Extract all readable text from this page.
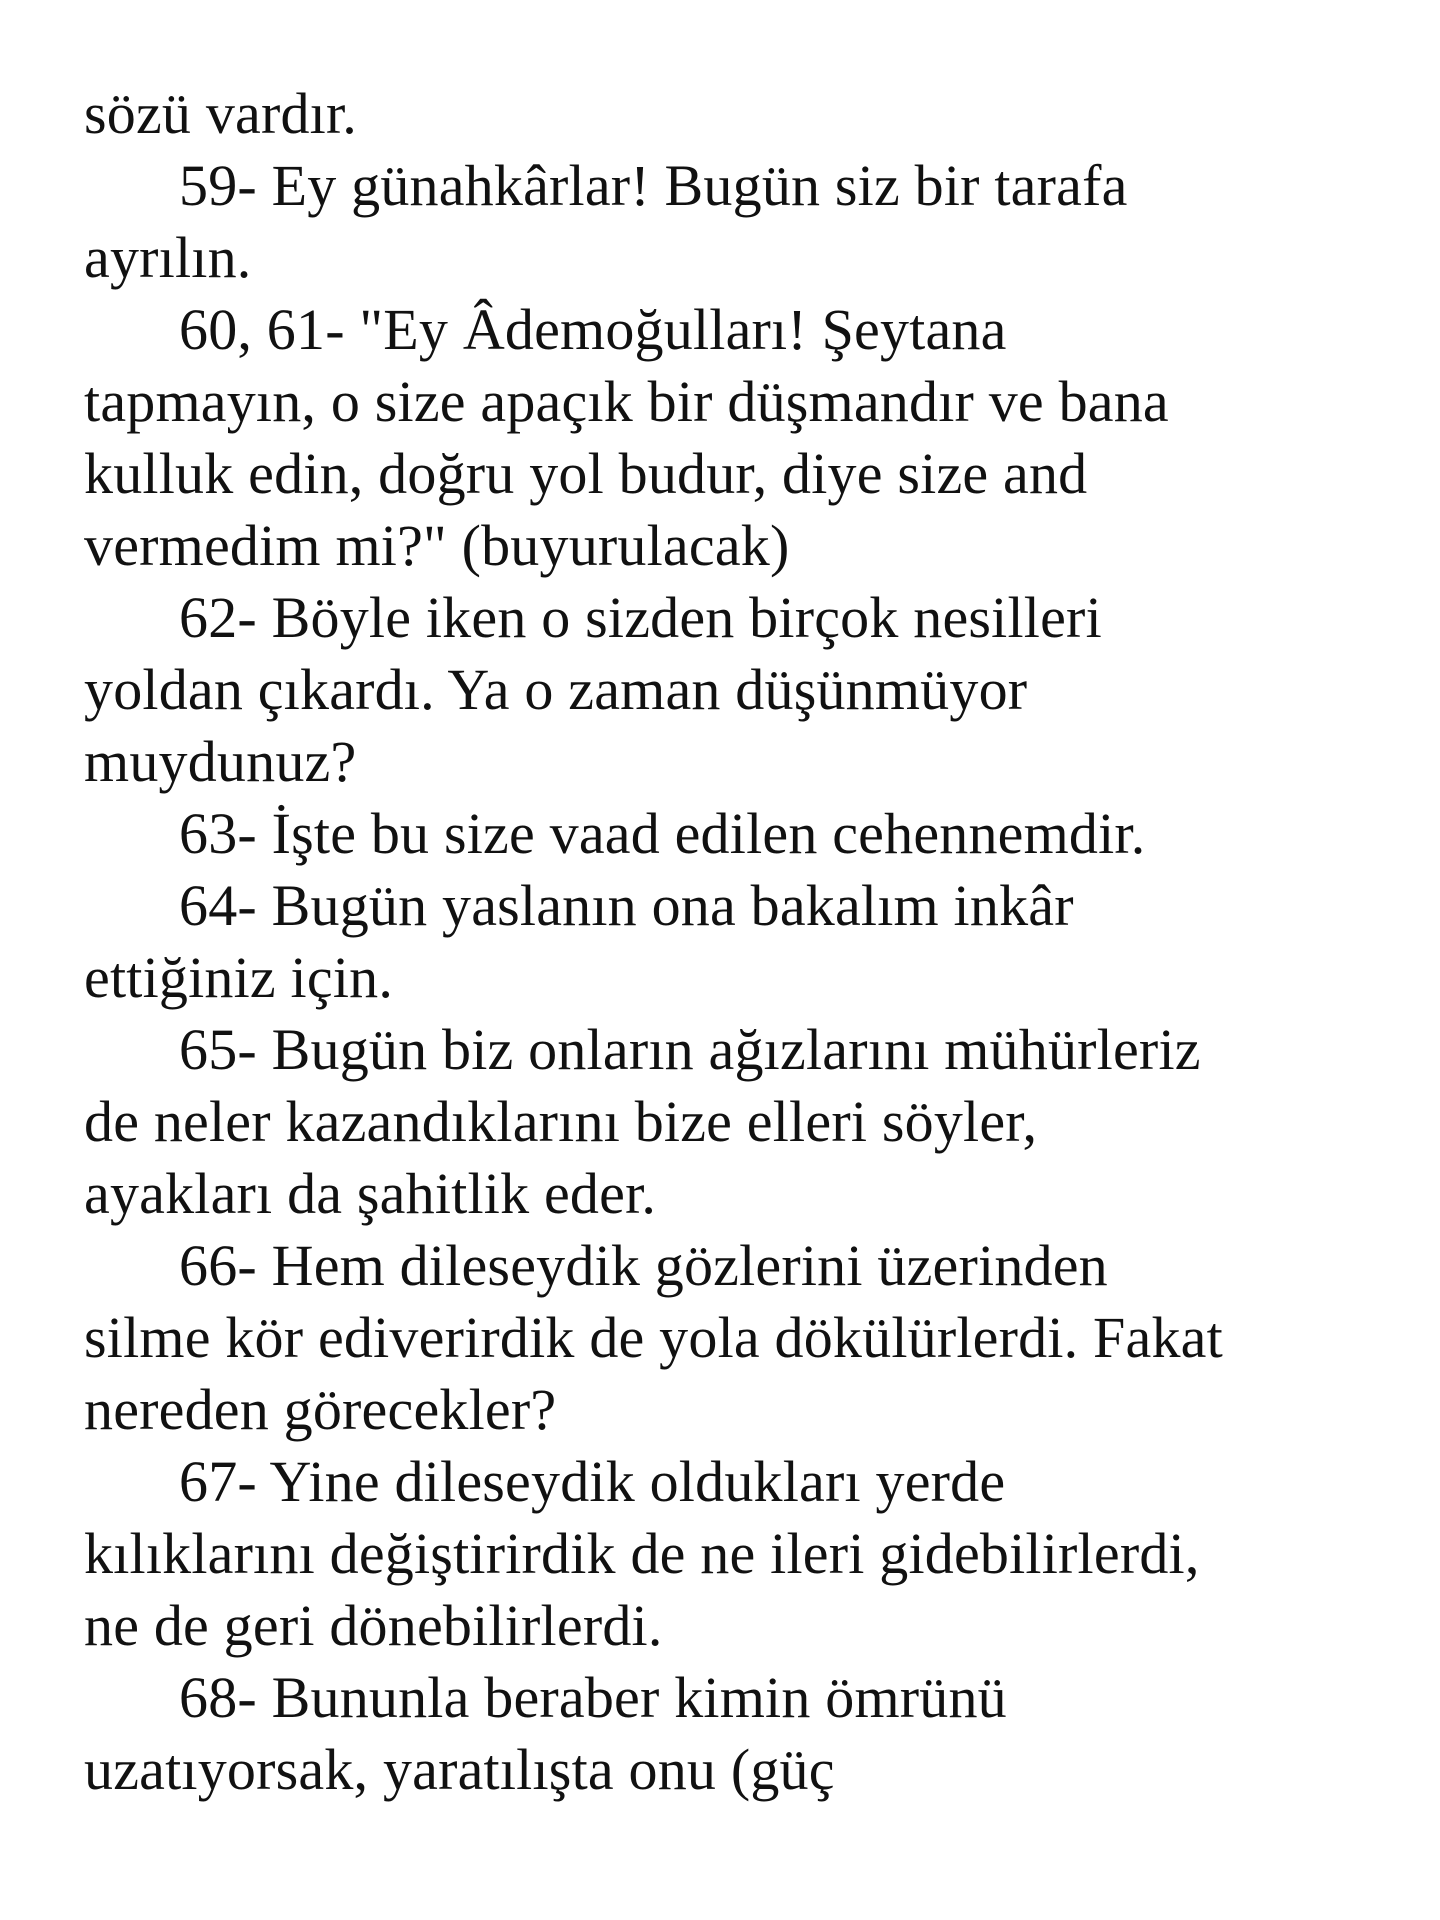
sözü vardır.
59- Ey günahkârlar! Bugün siz bir tarafa
ayrılın.
60, 61- "Ey Âdemoğulları! Şeytana
tapmayın, o size apaçık bir düşmandır ve bana
kulluk edin, doğru yol budur, diye size and
vermedim mi?" (buyurulacak)
62- Böyle iken o sizden birçok nesilleri
yoldan çıkardı. Ya o zaman düşünmüyor
muydunuz?
63- İşte bu size vaad edilen cehennemdir.
64- Bugün yaslanın ona bakalım inkâr
ettiğiniz için.
65- Bugün biz onların ağızlarını mühürleriz
de neler kazandıklarını bize elleri söyler,
ayakları da şahitlik eder.
66- Hem dileseydik gözlerini üzerinden
silme kör ediverirdik de yola dökülürlerdi. Fakat
nereden görecekler?
67- Yine dileseydik oldukları yerde
kılıklarını değiştirirdik de ne ileri gidebilirlerdi,
ne de geri dönebilirlerdi.
68- Bununla beraber kimin ömrünü
uzatıyorsak, yaratılışta onu (güç
